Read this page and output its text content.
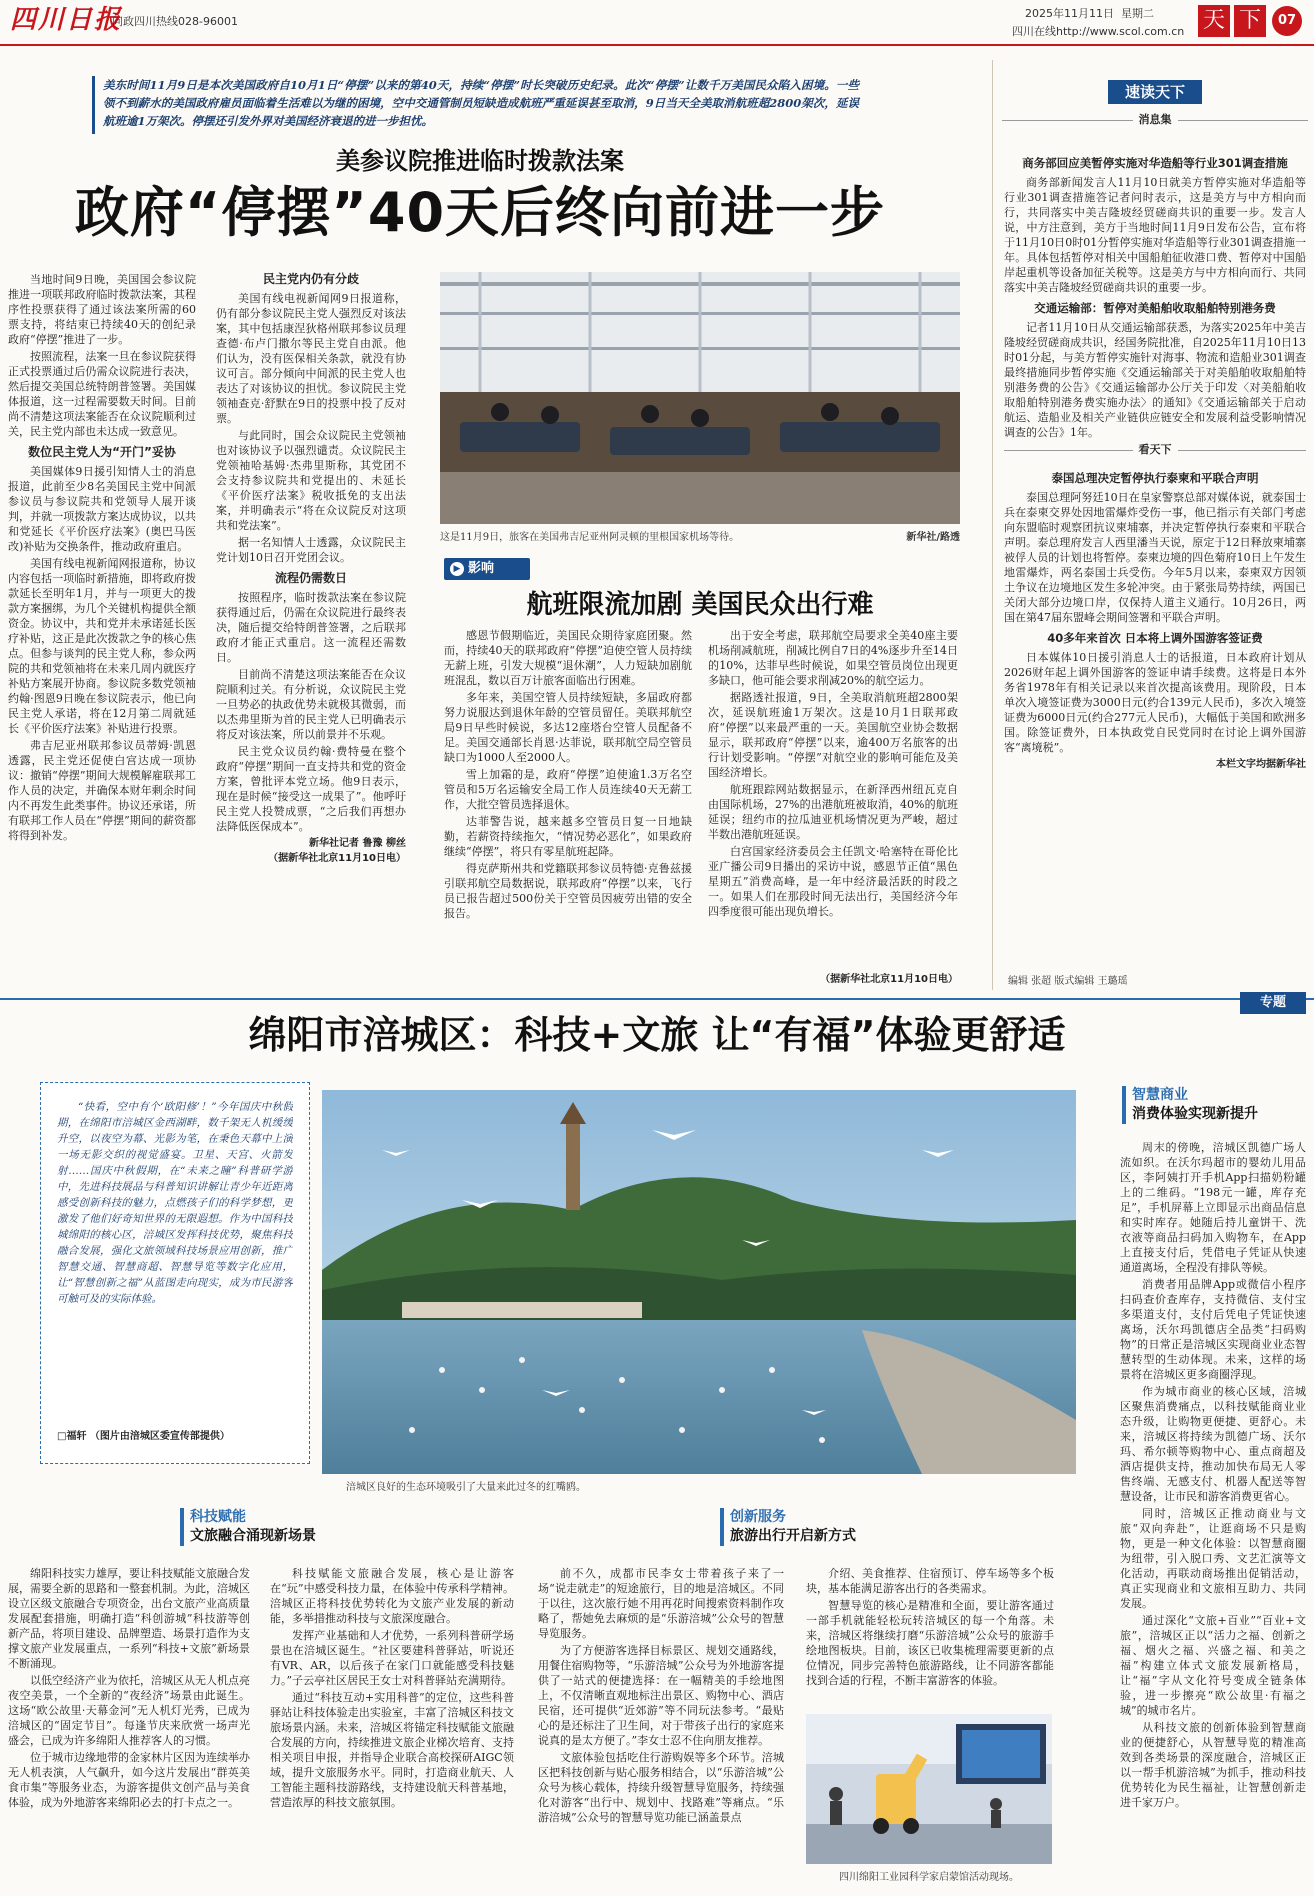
四川日报
问政四川热线028-96001
2025年11月11日 星期二
四川在线http://www.scol.com.cn 天 下	07
美东时间11月9日是本次美国政府自10月1日“停摆”以来的第40天，持续“停摆”时长突破历史纪录。此次“停摆”让数千万美国民众陷入困境。一些领不到薪水的美国政府雇员面临着生活难以为继的困境，空中交通管制员短缺造成航班严重延误甚至取消，9日当天全美取消航班超2800架次，延误航班逾1万架次。停摆还引发外界对美国经济衰退的进一步担忧。
美参议院推进临时拨款法案
政府“停摆”40天后终向前进一步

当地时间9日晚，美国国会参议院推进一项联邦政府临时拨款法案，其程序性投票获得了通过该法案所需的60票支持，将结束已持续40天的创纪录政府“停摆”推进了一步。

按照流程，法案一旦在参议院获得正式投票通过后仍需众议院进行表决，然后提交美国总统特朗普签署。美国媒体报道，这一过程需要数天时间。目前尚不清楚这项法案能否在众议院顺利过关，民主党内部也未达成一致意见。

数位民主党人为“开门”妥协

美国媒体9日援引知情人士的消息报道，此前至少8名美国民主党中间派参议员与参议院共和党领导人展开谈判，并就一项拨款方案达成协议，以共和党延长《平价医疗法案》(奥巴马医改)补贴为交换条件，推动政府重启。

美国有线电视新闻网报道称，协议内容包括一项临时新措施，即将政府拨款延长至明年1月，并与一项更大的拨款方案捆绑，为几个关键机构提供全额资金。协议中，共和党并未承诺延长医疗补贴，这正是此次拨款之争的核心焦点。但参与谈判的民主党人称，参众两院的共和党领袖将在未来几周内就医疗补贴方案展开协商。参议院多数党领袖约翰·图恩9日晚在参议院表示，他已向民主党人承诺，将在12月第二周就延长《平价医疗法案》补贴进行投票。

弗吉尼亚州联邦参议员蒂姆·凯恩透露，民主党还促使白宫达成一项协议：撤销“停摆”期间大规模解雇联邦工作人员的决定，并确保本财年剩余时间内不再发生此类事件。协议还承诺，所有联邦工作人员在“停摆”期间的薪资都将得到补发。

民主党内仍有分歧

美国有线电视新闻网9日报道称，仍有部分参议院民主党人强烈反对该法案，其中包括康涅狄格州联邦参议员理查德·布卢门撒尔等民主党自由派。他们认为，没有医保相关条款，就没有协议可言。部分倾向中间派的民主党人也表达了对该协议的担忧。参议院民主党领袖查克·舒默在9日的投票中投了反对票。

与此同时，国会众议院民主党领袖也对该协议予以强烈谴责。众议院民主党领袖哈基姆·杰弗里斯称，其党团不会支持参议院共和党提出的、未延长《平价医疗法案》税收抵免的支出法案，并明确表示“将在众议院反对这项共和党法案”。

据一名知情人士透露，众议院民主党计划10日召开党团会议。

流程仍需数日

按照程序，临时拨款法案在参议院获得通过后，仍需在众议院进行最终表决，随后提交给特朗普签署，之后联邦政府才能正式重启。这一流程还需数日。

目前尚不清楚这项法案能否在众议院顺利过关。有分析说，众议院民主党一旦势必的执政优势未就极其微弱，而以杰弗里斯为首的民主党人已明确表示将反对该法案，所以前景并不乐观。

民主党众议员约翰·费特曼在整个政府“停摆”期间一直支持共和党的资金方案，曾批评本党立场。他9日表示，现在是时候“接受这一成果了”。他呼吁民主党人投赞成票，“之后我们再想办法降低医保成本”。

新华社记者 鲁豫 柳丝
（据新华社北京11月10日电）
这是11月9日，旅客在美国弗吉尼亚州阿灵顿的里根国家机场等待。	新华社/路透
▶ 影响
航班限流加剧 美国民众出行难

感恩节假期临近，美国民众期待家庭团聚。然而，持续40天的联邦政府“停摆”迫使空管人员持续无薪上班，引发大规模“退休潮”，人力短缺加剧航班混乱，数以百万计旅客面临出行困难。

多年来，美国空管人员持续短缺，多届政府都努力说服达到退休年龄的空管员留任。美联邦航空局9日早些时候说，多达12座塔台空管人员配备不足。美国交通部长肖恩·达菲说，联邦航空局空管员缺口为1000人至2000人。

雪上加霜的是，政府“停摆”迫使逾1.3万名空管员和5万名运输安全局工作人员连续40天无薪工作，大批空管员选择退休。

达菲警告说，越来越多空管员日复一日地缺勤，若薪资持续拖欠，“情况势必恶化”，如果政府继续“停摆”，将只有零星航班起降。

得克萨斯州共和党籍联邦参议员特德·克鲁兹援引联邦航空局数据说，联邦政府“停摆”以来，飞行员已报告超过500份关于空管员因疲劳出错的安全报告。

出于安全考虑，联邦航空局要求全美40座主要机场削减航班，削减比例自7日的4%逐步升至14日的10%，达菲早些时候说，如果空管员岗位出现更多缺口，他可能会要求削减20%的航空运力。

据路透社报道，9日，全美取消航班超2800架次，延误航班逾1万架次。这是10月1日联邦政府“停摆”以来最严重的一天。美国航空业协会数据显示，联邦政府“停摆”以来，逾400万名旅客的出行计划受影响。“停摆”对航空业的影响可能危及美国经济增长。

航班跟踪网站数据显示，在新泽西州纽瓦克自由国际机场，27%的出港航班被取消，40%的航班延误；纽约市的拉瓜迪亚机场情况更为严峻，超过半数出港航班延误。

白宫国家经济委员会主任凯文·哈塞特在哥伦比亚广播公司9日播出的采访中说，感恩节正值“黑色星期五”消费高峰，是一年中经济最活跃的时段之一。如果人们在那段时间无法出行，美国经济今年四季度很可能出现负增长。

（据新华社北京11月10日电）
速读天下
消息集
商务部回应美暂停实施对华造船等行业301调查措施

商务部新闻发言人11月10日就美方暂停实施对华造船等行业301调查措施答记者问时表示，这是美方与中方相向而行，共同落实中美吉隆坡经贸磋商共识的重要一步。发言人说，中方注意到，美方于当地时间11月9日发布公告，宣布将于11月10日0时01分暂停实施对华造船等行业301调查措施一年。具体包括暂停对相关中国船舶征收港口费、暂停对中国船岸起重机等设备加征关税等。这是美方与中方相向而行、共同落实中美吉隆坡经贸磋商共识的重要一步。

交通运输部：暂停对美船舶收取船舶特别港务费

记者11月10日从交通运输部获悉，为落实2025年中美吉隆坡经贸磋商成共识，经国务院批准，自2025年11月10日13时01分起，与美方暂停实施针对海事、物流和造船业301调查最终措施同步暂停实施《交通运输部关于对美船舶收取船舶特别港务费的公告》《交通运输部办公厅关于印发〈对美船舶收取船舶特别港务费实施办法〉的通知》《交通运输部关于启动航运、造船业及相关产业链供应链安全和发展利益受影响情况调查的公告》1年。

看天下
泰国总理决定暂停执行泰柬和平联合声明

泰国总理阿努廷10日在皇家警察总部对媒体说，就泰国士兵在泰柬交界处因地雷爆炸受伤一事，他已指示有关部门考虑向东盟临时观察团抗议柬埔寨，并决定暂停执行泰柬和平联合声明。泰总理府发言人西里潘当天说，原定于12日释放柬埔寨被俘人员的计划也将暂停。泰柬边境的四色菊府10日上午发生地雷爆炸，两名泰国士兵受伤。今年5月以来，泰柬双方因领土争议在边境地区发生多轮冲突。由于紧张局势持续，两国已关闭大部分边境口岸，仅保持人道主义通行。10月26日，两国在第47届东盟峰会期间签署和平联合声明。

40多年来首次 日本将上调外国游客签证费

日本媒体10日援引消息人士的话报道，日本政府计划从2026财年起上调外国游客的签证申请手续费。这将是日本外务省1978年有相关记录以来首次提高该费用。现阶段，日本单次入境签证费为3000日元(约合139元人民币)，多次入境签证费为6000日元(约合277元人民币)，大幅低于美国和欧洲多国。除签证费外，日本执政党自民党同时在讨论上调外国游客“离境税”。

本栏文字均据新华社
编辑 张超 版式编辑 王璐瑶
专题
绵阳市涪城区：科技+文旅 让“有福”体验更舒适
“快看，空中有个‘欧阳修’！”今年国庆中秋假期，在绵阳市涪城区金西湖畔，数千架无人机缓缓升空，以夜空为幕、光影为笔，在秉色天幕中上演一场无影交织的视觉盛宴。卫星、天宫、火箭发射……国庆中秋假期，在“未来之瞳”科普研学游中，先进科技展品与科普知识讲解让青少年近距离感受创新科技的魅力，点燃孩子们的科学梦想，更激发了他们好奇知世界的无限遐想。作为中国科技城绵阳的核心区，涪城区发挥科技优势，聚焦科技融合发展，强化文旅领域科技场景应用创新，推广智慧交通、智慧商超、智慧导览等数字化应用，让“智慧创新之福”从蓝图走向现实，成为市民游客可触可及的实际体验。
□福轩 （图片由涪城区委宣传部提供）
涪城区良好的生态环境吸引了大量来此过冬的红嘴鸥。
智慧商业
消费体验实现新提升

周末的傍晚，涪城区凯德广场人流如织。在沃尔玛超市的婴幼儿用品区，李阿姨打开手机App扫描奶粉罐上的二维码。“198元一罐，库存充足”，手机屏幕上立即显示出商品信息和实时库存。她随后持儿童饼干、洗衣液等商品扫码加入购物车，在App上直接支付后，凭借电子凭证从快速通道离场，全程没有排队等候。

消费者用品牌App或微信小程序扫码查价查库存，支持微信、支付宝多渠道支付，支付后凭电子凭证快速离场，沃尔玛凯德店全品类“扫码购物”的日常正是涪城区实现商业业态智慧转型的生动体现。未来，这样的场景将在涪城区更多商圈浮现。

作为城市商业的核心区域，涪城区聚焦消费痛点，以科技赋能商业业态升级，让购物更便捷、更舒心。未来，涪城区将持续为凯德广场、沃尔玛、希尔顿等购物中心、重点商超及酒店提供支持，推动加快布局无人零售终端、无感支付、机器人配送等智慧设备，让市民和游客消费更省心。

同时，涪城区正推动商业与文旅“双向奔赴”，让逛商场不只是购物，更是一种文化体验：以智慧商圈为纽带，引入脱口秀、文艺汇演等文化活动，再联动商场推出促销活动，真正实现商业和文旅相互助力、共同发展。

通过深化“文旅+百业”“百业+文旅”，涪城区正以“活力之福、创新之福、烟火之福、兴盛之福、和美之福”构建立体式文旅发展新格局，让“福”字从文化符号变成全链条体验，进一步擦亮“欧公故里·有福之城”的城市名片。

从科技文旅的创新体验到智慧商业的便捷舒心，从智慧导览的精准高效到各类场景的深度融合，涪城区正以一帮手机游涪城”为抓手，推动科技优势转化为民生福祉，让智慧创新走进千家万户。

科技赋能
文旅融合涌现新场景

绵阳科技实力雄厚，要让科技赋能文旅融合发展，需要全新的思路和一整套机制。为此，涪城区设立区级文旅融合专项资金，出台文旅产业高质量发展配套措施，明确打造“科创游城”科技游等创新产品，将项目建设、品牌塑造、场景打造作为支撑文旅产业发展重点，一系列“科技+文旅”新场景不断涌现。

以低空经济产业为依托，涪城区从无人机点亮夜空美景，一个全新的“夜经济”场景由此诞生。这场“欧公故里·天幕金河”无人机灯光秀，已成为涪城区的“固定节目”。每逢节庆来欣赏一场声光盛会，已成为许多绵阳人推荐客人的习惯。

位于城市边缘地带的金家林片区因为连续举办无人机表演，人气飙升，如今这片发展出“群英美食市集”等服务业态，为游客提供文创产品与美食体验，成为外地游客来绵阳必去的打卡点之一。

科技赋能文旅融合发展，核心是让游客在“玩”中感受科技力量，在体验中传承科学精神。涪城区正将科技优势转化为文旅产业发展的新动能，多举措推动科技与文旅深度融合。

发挥产业基础和人才优势，一系列科普研学场景也在涪城区诞生。“社区要建科普驿站，听说还有VR、AR，以后孩子在家门口就能感受科技魅力。”子云亭社区居民王女士对科普驿站充满期待。

通过“科技互动+实用科普”的定位，这些科普驿站让科技体验走出实验室，丰富了涪城区科技文旅场景内涵。未来，涪城区将锚定科技赋能文旅融合发展的方向，持续推进文旅企业梯次培育、支持相关项目申报，并指导企业联合高校探研AIGC领域，提升文旅服务水平。同时，打造商业航天、人工智能主题科技游路线，支持建设航天科普基地，营造浓厚的科技文旅氛围。

创新服务
旅游出行开启新方式

前不久，成都市民李女士带着孩子来了一场“说走就走”的短途旅行，目的地是涪城区。不同于以往，这次旅行她不用再花时间搜索资料制作攻略了，帮她免去麻烦的是“乐游涪城”公众号的智慧导览服务。

为了方便游客选择目标景区、规划交通路线，用餐住宿购物等，“乐游涪城”公众号为外地游客提供了一站式的便捷选择：在一幅精美的手绘地图上，不仅清晰直观地标注出景区、购物中心、酒店民宿，还可提供“近郊游”等不同玩法参考。“最贴心的是还标注了卫生间，对于带孩子出行的家庭来说真的是太方便了。”李女士忍不住向朋友推荐。

文旅体验包括吃住行游购娱等多个环节。涪城区把科技创新与贴心服务相结合，以“乐游涪城”公众号为核心载体，持续升级智慧导览服务，持续强化对游客“出行中、规划中、找路难”等痛点。“乐游涪城”公众号的智慧导览功能已涵盖景点

介绍、美食推荐、住宿预订、停车场等多个板块，基本能满足游客出行的各类需求。

智慧导览的核心是精准和全面，要让游客通过一部手机就能轻松玩转涪城区的每一个角落。未来，涪城区将继续打磨“乐游涪城”公众号的旅游手绘地图板块。目前，该区已收集梳理需要更新的点位情况，同步完善特色旅游路线，让不同游客都能找到合适的行程，不断丰富游客的体验。

四川绵阳工业园科学家启蒙馆活动现场。
